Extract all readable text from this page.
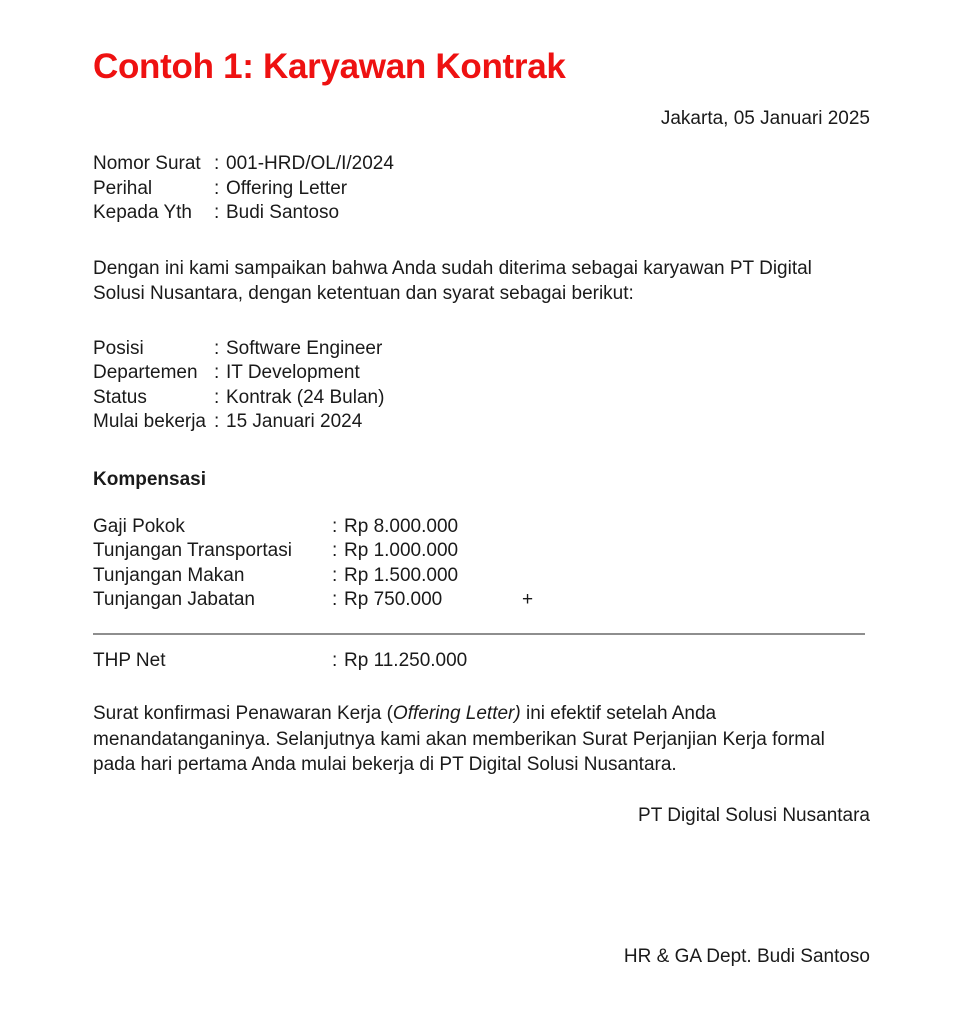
Contoh 1: Karyawan Kontrak
Jakarta, 05 Januari 2025
Nomor Surat : 001-HRD/OL/I/2024
Perihal	: Offering Letter
Kepada Yth	: Budi Santoso

Dengan ini kami sampaikan bahwa Anda sudah diterima sebagai karyawan PT Digital Solusi Nusantara, dengan ketentuan dan syarat sebagai berikut:

Posisi	: Software Engineer
Departemen : IT Development
Status	: Kontrak (24 Bulan)
Mulai bekerja : 15 Januari 2024
Kompensasi
Gaji Pokok	: Rp 8.000.000
Tunjangan Transportasi	: Rp 1.000.000
Tunjangan Makan	: Rp 1.500.000
Tunjangan Jabatan	: Rp 750.000	+
THP Net	: Rp 11.250.000

Surat konfirmasi Penawaran Kerja (Offering Letter) ini efektif setelah Anda menandatanganinya. Selanjutnya kami akan memberikan Surat Perjanjian Kerja formal pada hari pertama Anda mulai bekerja di PT Digital Solusi Nusantara.

PT Digital Solusi Nusantara
HR & GA Dept. Budi Santoso
